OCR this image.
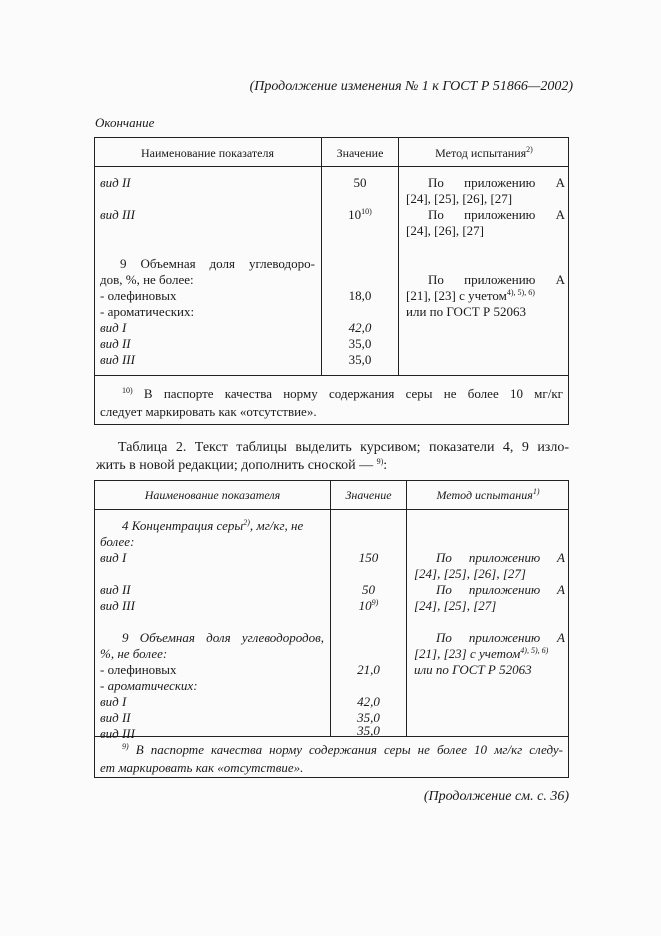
(Продолжение изменения № 1 к ГОСТ Р 51866—2002)
Окончание
Наименование показателя	Значение	Метод испытания$^{2)}$
вид II	50	По приложению А
[24], [25], [26], [27]
вид III	10$^{10)}$	По приложению А
[24], [26], [27]
9 Объемная доля углеводоро-
дов, %, не более:
- олефиновых	18,0
- ароматических:
вид I	42,0
вид II	35,0
вид III	35,0
По приложению А
[21], [23] с учетом$^{4), 5), 6)}$
или по ГОСТ Р 52063
$^{10)}$ В паспорте качества норму содержания серы не более 10 мг/кг
следует маркировать как «отсутствие».
Таблица 2. Текст таблицы выделить курсивом; показатели 4, 9 изло-
жить в новой редакции; дополнить сноской — $^{9)}$:
Наименование показателя	Значение	Метод испытания$^{1)}$
4 Концентрация серы$^{2)}$, мг/кг, не
более:
вид I	150	По приложению А
[24], [25], [26], [27]
вид II	50	По приложению А
[24], [25], [27]
вид III	10$^{9)}$
9 Объемная доля углеводородов,
%, не более:
- олефиновых	21,0
- ароматических:
вид I	42,0
вид II	35,0
вид III	35,0
По приложению А
[21], [23] с учетом$^{4), 5), 6)}$
или по ГОСТ Р 52063
$^{9)}$ В паспорте качества норму содержания серы не более 10 мг/кг следу-
ет маркировать как «отсутствие».
(Продолжение см. с. 36)
